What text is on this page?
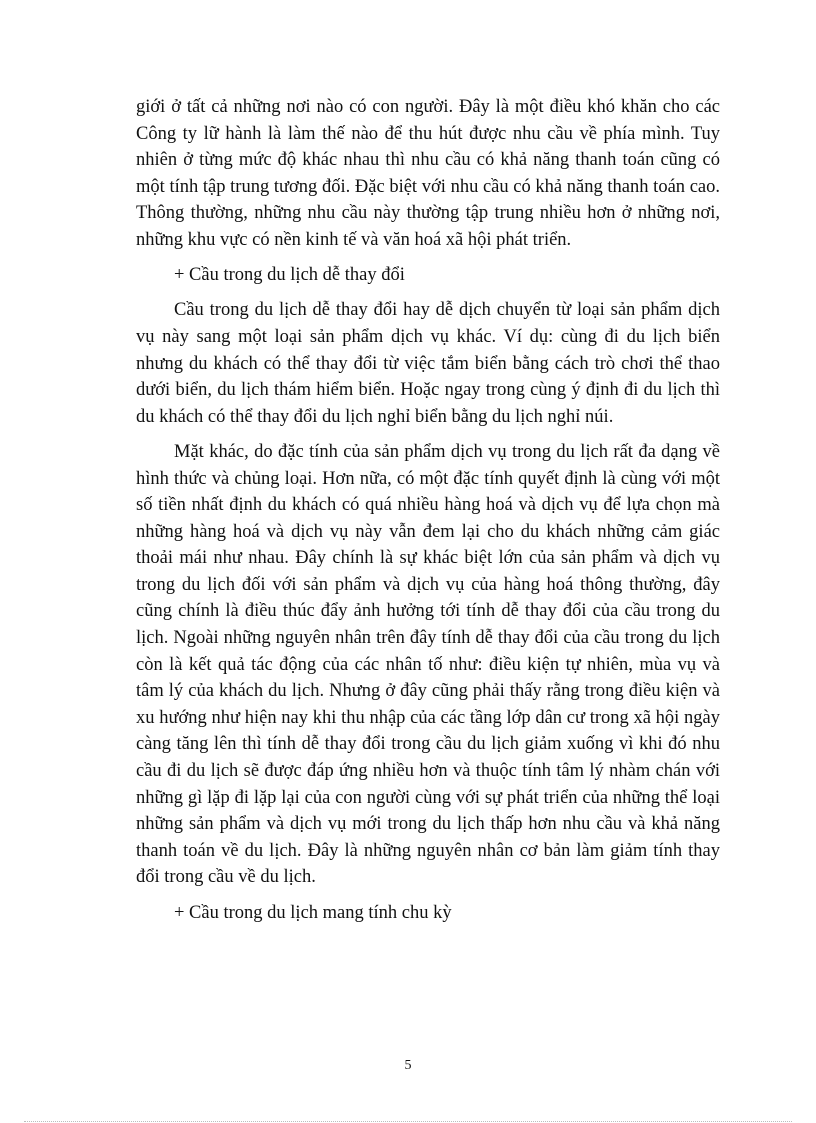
giới ở tất cả những nơi nào có con người. Đây là một điều khó khăn cho các Công ty lữ hành là làm thế nào để thu hút được nhu cầu về phía mình. Tuy nhiên ở từng mức độ khác nhau thì nhu cầu có khả năng thanh toán cũng có một tính tập trung tương đối. Đặc biệt với nhu cầu có khả năng thanh toán cao. Thông thường, những nhu cầu này thường tập trung nhiều hơn ở những nơi, những khu vực có nền kinh tế và văn hoá xã hội phát triển.

+ Cầu trong du lịch dễ thay đổi

Cầu trong du lịch dễ thay đổi hay dễ dịch chuyển từ loại sản phẩm dịch vụ này sang một loại sản phẩm dịch vụ khác. Ví dụ: cùng đi du lịch biển nhưng du khách có thể thay đổi từ việc tắm biển bằng cách trò chơi thể thao dưới biển, du lịch thám hiểm biển. Hoặc ngay trong cùng ý định đi du lịch thì du khách có thể thay đổi du lịch nghỉ biển bằng du lịch nghỉ núi.

Mặt khác, do đặc tính của sản phẩm dịch vụ trong du lịch rất đa dạng về hình thức và chủng loại. Hơn nữa, có một đặc tính quyết định là cùng với một số tiền nhất định du khách có quá nhiều hàng hoá và dịch vụ để lựa chọn mà những hàng hoá và dịch vụ này vẫn đem lại cho du khách những cảm giác thoải mái như nhau. Đây chính là sự khác biệt lớn của sản phẩm và dịch vụ trong du lịch đối với sản phẩm và dịch vụ của hàng hoá thông thường, đây cũng chính là điều thúc đẩy ảnh hưởng tới tính dễ thay đổi của cầu trong du lịch. Ngoài những nguyên nhân trên đây tính dễ thay đổi của cầu trong du lịch còn là kết quả tác động của các nhân tố như: điều kiện tự nhiên, mùa vụ và tâm lý của khách du lịch. Nhưng ở đây cũng phải thấy rằng trong điều kiện và xu hướng như hiện nay khi thu nhập của các tầng lớp dân cư trong xã hội ngày càng tăng lên thì tính dễ thay đổi trong cầu du lịch giảm xuống vì khi đó nhu cầu đi du lịch sẽ được đáp ứng nhiều hơn và thuộc tính tâm lý nhàm chán với những gì lặp đi lặp lại của con người cùng với sự phát triển của những thể loại những sản phẩm và dịch vụ mới trong du lịch thấp hơn nhu cầu và khả năng thanh toán về du lịch. Đây là những nguyên nhân cơ bản làm giảm tính thay đổi trong cầu về du lịch.

+ Cầu trong du lịch mang tính chu kỳ

5
